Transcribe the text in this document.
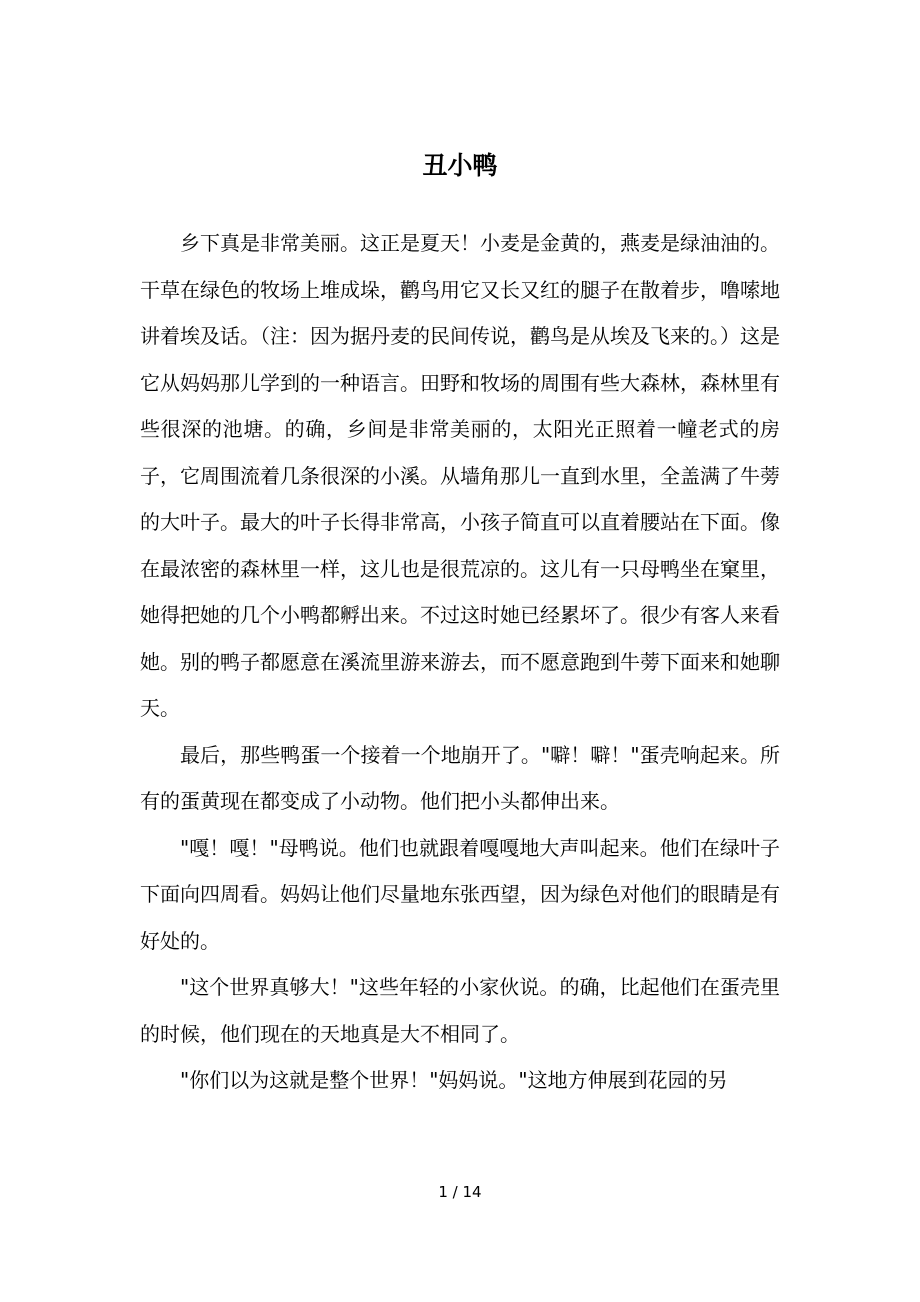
丑小鸭

乡下真是非常美丽。这正是夏天！小麦是金黄的，燕麦是绿油油的。干草在绿色的牧场上堆成垛，鹳鸟用它又长又红的腿子在散着步，噜嗦地讲着埃及话。（注：因为据丹麦的民间传说，鹳鸟是从埃及飞来的。）这是它从妈妈那儿学到的一种语言。田野和牧场的周围有些大森林，森林里有些很深的池塘。的确，乡间是非常美丽的，太阳光正照着一幢老式的房子，它周围流着几条很深的小溪。从墙角那儿一直到水里，全盖满了牛蒡的大叶子。最大的叶子长得非常高，小孩子简直可以直着腰站在下面。像在最浓密的森林里一样，这儿也是很荒凉的。这儿有一只母鸭坐在窠里，她得把她的几个小鸭都孵出来。不过这时她已经累坏了。很少有客人来看她。别的鸭子都愿意在溪流里游来游去，而不愿意跑到牛蒡下面来和她聊天。

最后，那些鸭蛋一个接着一个地崩开了。"噼！噼！"蛋壳响起来。所有的蛋黄现在都变成了小动物。他们把小头都伸出来。

"嘎！嘎！"母鸭说。他们也就跟着嘎嘎地大声叫起来。他们在绿叶子下面向四周看。妈妈让他们尽量地东张西望，因为绿色对他们的眼睛是有好处的。

"这个世界真够大！"这些年轻的小家伙说。的确，比起他们在蛋壳里的时候，他们现在的天地真是大不相同了。

"你们以为这就是整个世界！"妈妈说。"这地方伸展到花园的另

1 / 14
